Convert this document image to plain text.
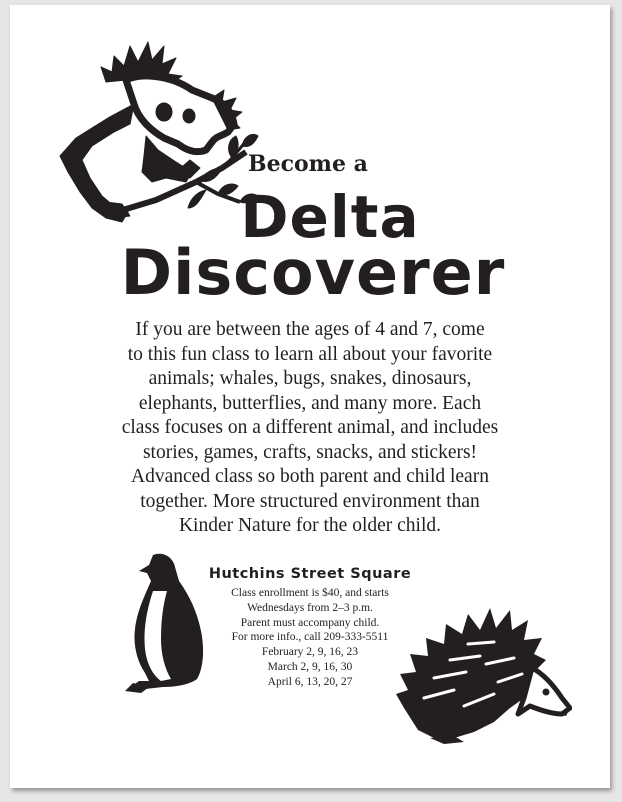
Become a
Delta
Discoverer
If you are between the ages of 4 and 7, come
to this fun class to learn all about your favorite
animals; whales, bugs, snakes, dinosaurs,
elephants, butterflies, and many more. Each
class focuses on a different animal, and includes
stories, games, crafts, snacks, and stickers!
Advanced class so both parent and child learn
together. More structured environment than
Kinder Nature for the older child.
Hutchins Street Square
Class enrollment is $40, and starts
Wednesdays from 2–3 p.m.
Parent must accompany child.
For more info., call 209-333-5511
February 2, 9, 16, 23
March 2, 9, 16, 30
April 6, 13, 20, 27
